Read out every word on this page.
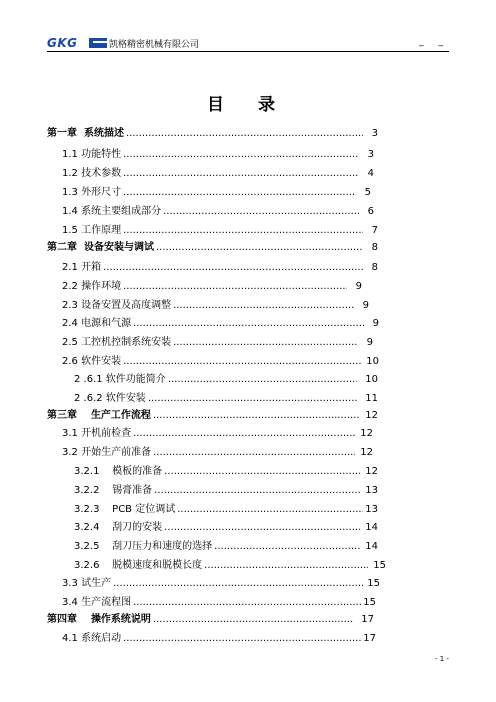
GKG	凯格精密机械有限公司	_ _
目 录
第一章 系统描述 .....	3
1.1 功能特性 .....	3
1.2 技术参数 .....	4
1.3 外形尺寸 .....	5
1.4 系统主要组成部分 .....	6
1.5 工作原理 .....	7
第二章 设备安装与调试 .....	8
2.1 开箱 .....	8
2.2 操作环境 .....	9
2.3 设备安置及高度调整 .....	9
2.4 电源和气源 .....	9
2.5 工控机控制系统安装 .....	9
2.6 软件安装 .....	10
2 .6.1 软件功能简介 .....	10
2 .6.2 软件安装 .....	11
第三章 生产工作流程 .....	12
3.1 开机前检查 .....	12
3.2 开始生产前准备 .....	12
3.2.1 模板的准备 .....	12
3.2.2 锡膏准备 .....	13
3.2.3 PCB 定位调试 .....	13
3.2.4 刮刀的安装 .....	14
3.2.5 刮刀压力和速度的选择 .....	14
3.2.6 脱模速度和脱模长度 .....	15
3.3 试生产 .....	15
3.4 生产流程图 .....	15
第四章 操作系统说明 .....	17
4.1 系统启动 .....	17
- 1 -
